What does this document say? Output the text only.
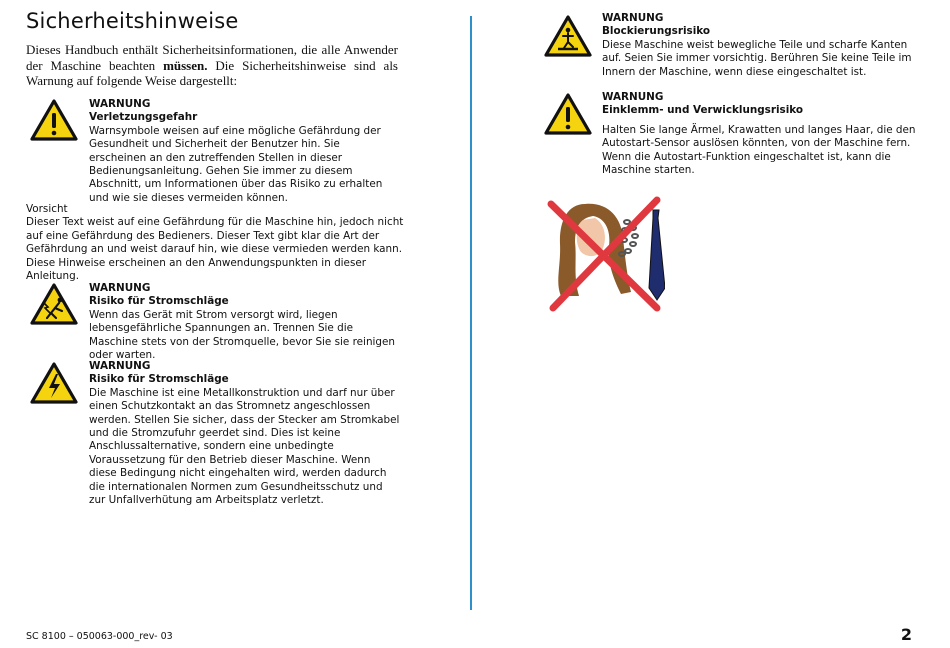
Sicherheitshinweise
Dieses Handbuch enthält Sicherheitsinformationen, die alle Anwender der Maschine beachten müssen. Die Sicherheitshinweise sind als Warnung auf folgende Weise dargestellt:
WARNUNG
Verletzungsgefahr
Warnsymbole weisen auf eine mögliche Gefährdung der Gesundheit und Sicherheit der Benutzer hin. Sie erscheinen an den zutreffenden Stellen in dieser Bedienungsanleitung. Gehen Sie immer zu diesem Abschnitt, um Informationen über das Risiko zu erhalten und wie sie dieses vermeiden können.
Vorsicht
Dieser Text weist auf eine Gefährdung für die Maschine hin, jedoch nicht auf eine Gefährdung des Bedieners. Dieser Text gibt klar die Art der Gefährdung an und weist darauf hin, wie diese vermieden werden kann. Diese Hinweise erscheinen an den Anwendungspunkten in dieser Anleitung.
WARNUNG
Risiko für Stromschläge
Wenn das Gerät mit Strom versorgt wird, liegen lebensgefährliche Spannungen an. Trennen Sie die Maschine stets von der Stromquelle, bevor Sie sie reinigen oder warten.
WARNUNG
Risiko für Stromschläge
Die Maschine ist eine Metallkonstruktion und darf nur über einen Schutzkontakt an das Stromnetz angeschlossen werden. Stellen Sie sicher, dass der Stecker am Stromkabel und die Stromzufuhr geerdet sind. Dies ist keine Anschlussalternative, sondern eine unbedingte Voraussetzung für den Betrieb dieser Maschine. Wenn diese Bedingung nicht eingehalten wird, werden dadurch die internationalen Normen zum Gesundheitsschutz und zur Unfallverhütung am Arbeitsplatz verletzt.
WARNUNG
Blockierungsrisiko
Diese Maschine weist bewegliche Teile und scharfe Kanten auf. Seien Sie immer vorsichtig. Berühren Sie keine Teile im Innern der Maschine, wenn diese eingeschaltet ist.
WARNUNG
Einklemm- und Verwicklungsrisiko
Halten Sie lange Ärmel, Krawatten und langes Haar, die den Autostart-Sensor auslösen könnten, von der Maschine fern. Wenn die Autostart-Funktion eingeschaltet ist, kann die Maschine starten.
SC 8100 – 050063-000_rev- 03	2
